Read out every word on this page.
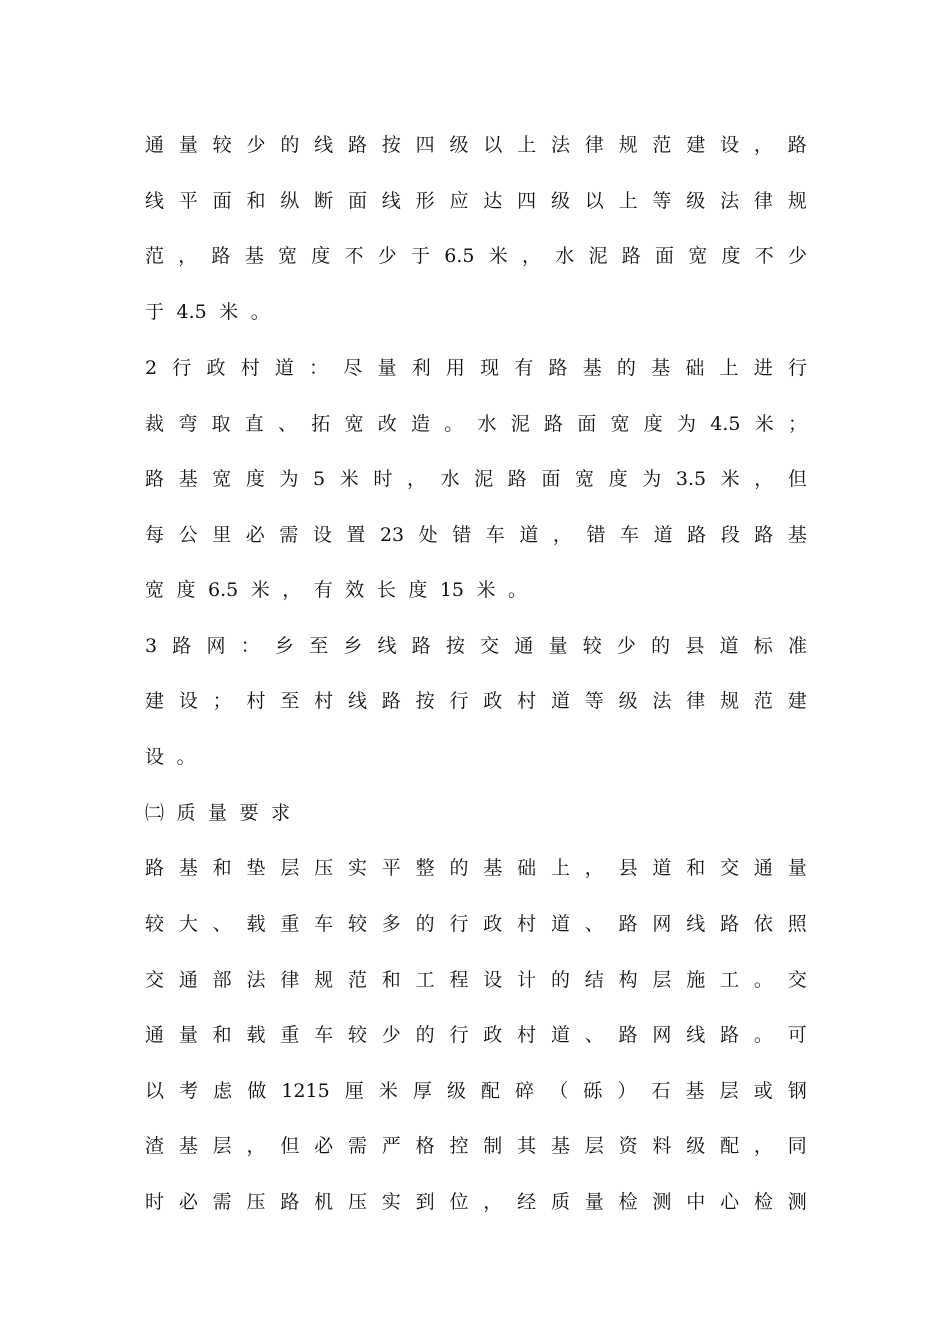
通 量 较 少 的 线 路 按 四 级 以 上 法 律 规 范 建 设 ， 路
线 平 面 和 纵 断 面 线 形 应 达 四 级 以 上 等 级 法 律 规
范 ， 路 基 宽 度 不 少 于 6.5 米 ， 水 泥 路 面 宽 度 不 少
于 4.5 米 。
2 行 政 村 道 ： 尽 量 利 用 现 有 路 基 的 基 础 上 进 行
裁 弯 取 直 、 拓 宽 改 造 。 水 泥 路 面 宽 度 为 4.5 米 ；
路 基 宽 度 为 5 米 时 ， 水 泥 路 面 宽 度 为 3.5 米 ， 但
每 公 里 必 需 设 置 23 处 错 车 道 ， 错 车 道 路 段 路 基
宽 度 6.5 米 ， 有 效 长 度 15 米 。
3 路 网 ： 乡 至 乡 线 路 按 交 通 量 较 少 的 县 道 标 准
建 设 ； 村 至 村 线 路 按 行 政 村 道 等 级 法 律 规 范 建
设 。
㈡ 质 量 要 求
路 基 和 垫 层 压 实 平 整 的 基 础 上 ， 县 道 和 交 通 量
较 大 、 载 重 车 较 多 的 行 政 村 道 、 路 网 线 路 依 照
交 通 部 法 律 规 范 和 工 程 设 计 的 结 构 层 施 工 。 交
通 量 和 载 重 车 较 少 的 行 政 村 道 、 路 网 线 路 。 可
以 考 虑 做 1215 厘 米 厚 级 配 碎 （ 砾 ） 石 基 层 或 钢
渣 基 层 ， 但 必 需 严 格 控 制 其 基 层 资 料 级 配 ， 同
时 必 需 压 路 机 压 实 到 位 ， 经 质 量 检 测 中 心 检 测
